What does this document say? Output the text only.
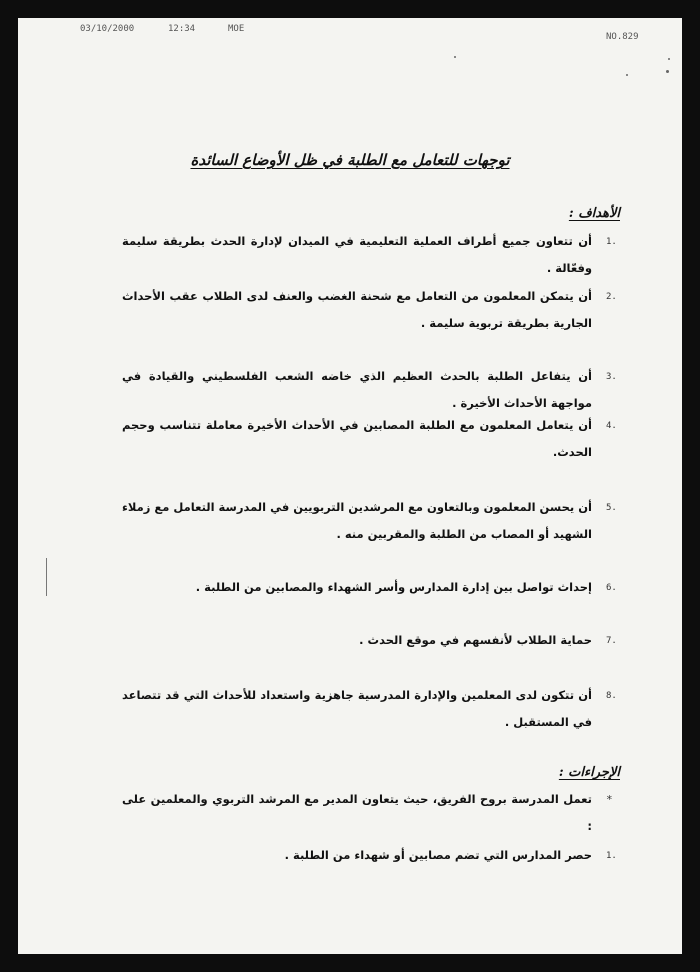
03/10/2000	12:34	MOE
NO.829
توجهات للتعامل مع الطلبة في ظل الأوضاع السائدة
الأهداف :
1.
أن تتعاون جميع أطراف العملية التعليمية في الميدان لإدارة الحدث بطريقة سليمة وفعّالة .
2.
أن يتمكن المعلمون من التعامل مع شحنة الغضب والعنف لدى الطلاب عقب الأحداث الجارية بطريقة تربوية سليمة .
3.
أن يتفاعل الطلبة بالحدث العظيم الذي خاضه الشعب الفلسطيني والقيادة في مواجهة الأحداث الأخيرة .
4.
أن يتعامل المعلمون مع الطلبة المصابين في الأحداث الأخيرة معاملة تتناسب وحجم الحدث.
5.
أن يحسن المعلمون وبالتعاون مع المرشدين التربويين في المدرسة التعامل مع زملاء الشهيد أو المصاب من الطلبة والمقربين منه .
6.
إحداث تواصل بين إدارة المدارس وأسر الشهداء والمصابين من الطلبة .
7.
حماية الطلاب لأنفسهم في موقع الحدث .
8.
أن تتكون لدى المعلمين والإدارة المدرسية جاهزية واستعداد للأحداث التي قد تتصاعد في المستقبل .
الإجراءات :
*
تعمل المدرسة بروح الفريق، حيث يتعاون المدير مع المرشد التربوي والمعلمين على :
1.
حصر المدارس التي تضم مصابين أو شهداء من الطلبة .
